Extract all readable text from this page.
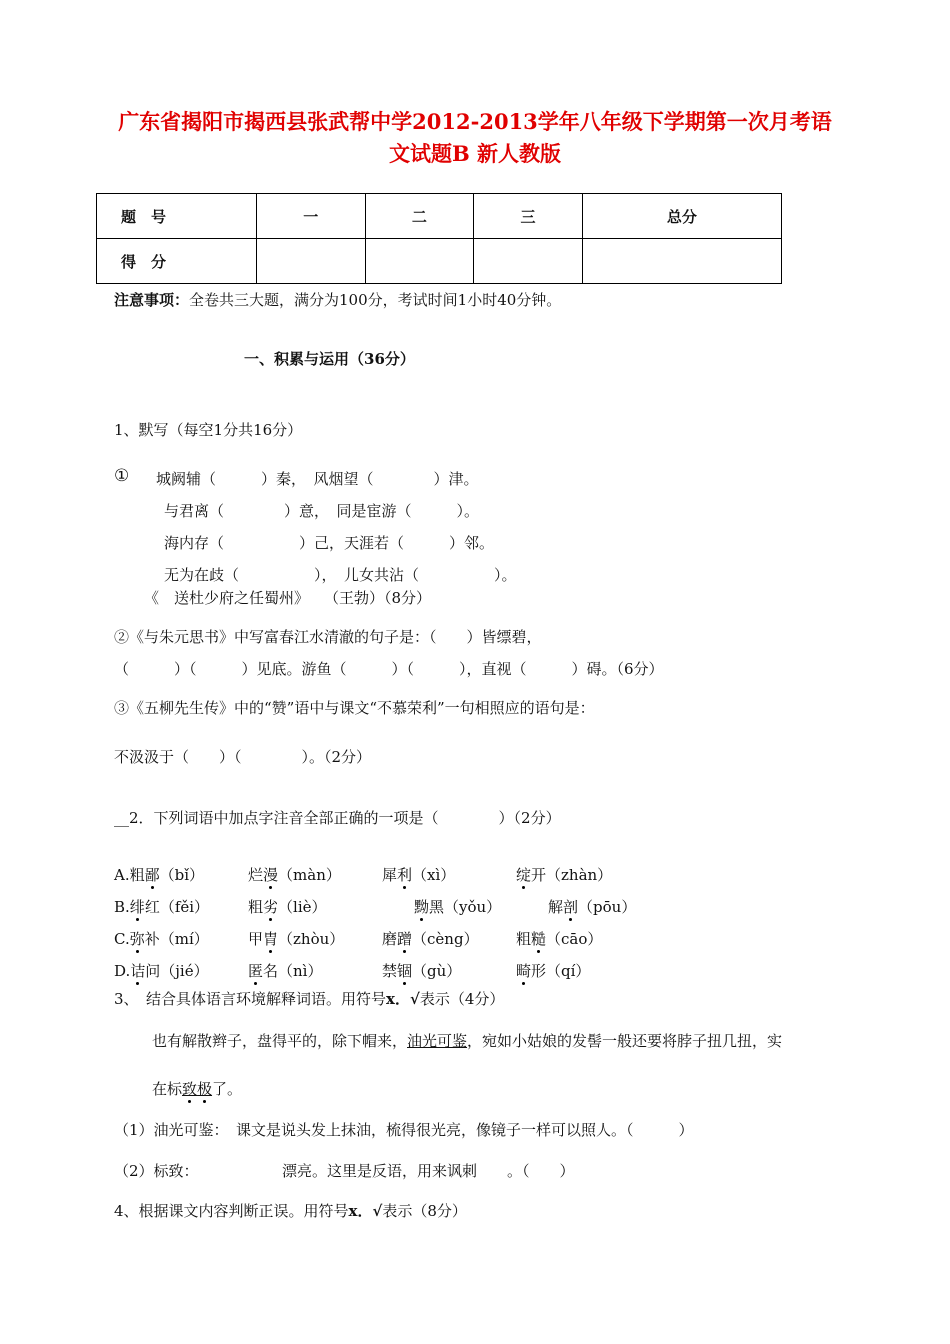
广东省揭阳市揭西县张武帮中学2012-2013学年八年级下学期第一次月考语
文试题B 新人教版
题　号	一	二	三	总分
得　分				
注意事项：全卷共三大题，满分为100分，考试时间1小时40分钟。
一、积累与运用（36分）
1、默写（每空1分共16分）
① 城阙辅（　　　）秦，　风烟望（　　　　）津。
与君离（　　　　）意，　同是宦游（　　　）。
海内存（　　　　　）己，天涯若（　　　）邻。
无为在歧（　　　　　），　儿女共沾（　　　　　）。
《　送杜少府之任蜀州》　　（王勃）（8分）
②《与朱元思书》中写富春江水清澈的句子是：（　　）皆缥碧，
（　　　）（　　　）见底。游鱼（　　　）（　　　），直视（　　　）碍。（6分）
③《五柳先生传》中的“赞”语中与课文“不慕荣利”一句相照应的语句是：
不汲汲于（　　）（　　　　）。（2分）
__2．下列词语中加点字注音全部正确的一项是（　　　　）（2分）
A.粗鄙（bǐ）	烂漫（màn）	犀利（xì）	绽开（zhàn）
B.绯红（fěi）	粗劣（liè）	黝黑（yǒu）	解剖（pōu）
C.弥补（mí）	甲胄（zhòu）	磨蹭（cèng） 粗糙（cāo）
D.诘问（jié）	匿名（nì）	禁锢（gù）	畸形（qí）
3、　结合具体语言环境解释词语。用符号x．√表示（4分）
也有解散辫子，盘得平的，除下帽来，油光可鉴，宛如小姑娘的发髻一般还要将脖子扭几扭，实
在标致极了。
（1）油光可鉴：　课文是说头发上抹油，梳得很光亮，像镜子一样可以照人。（　　　）
（2）标致：	漂亮。这里是反语，用来讽刺　　。（　　）
4、根据课文内容判断正误。用符号x．√表示（8分）
